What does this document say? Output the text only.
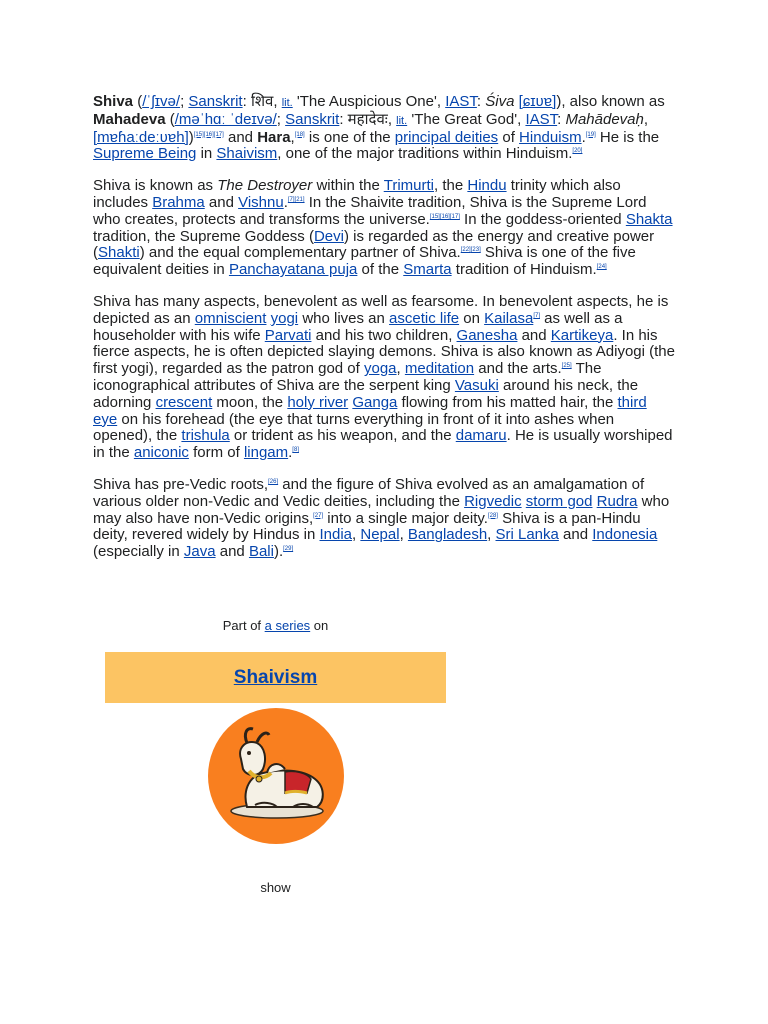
Shiva (/ˈʃɪvə/; Sanskrit: शिव, lit. 'The Auspicious One', IAST: Śiva [ɕɪʋɐ]), also known as Mahadeva (/məˈhɑː ˈdeɪvə/; Sanskrit: महादेवः, lit. 'The Great God', IAST: Mahādevaḥ, [mɐɦaːdeːʋɐh])[15][16][17] and Hara,[18] is one of the principal deities of Hinduism.[19] He is the Supreme Being in Shaivism, one of the major traditions within Hinduism.[20]

Shiva is known as The Destroyer within the Trimurti, the Hindu trinity which also includes Brahma and Vishnu.[7][21] In the Shaivite tradition, Shiva is the Supreme Lord who creates, protects and transforms the universe.[15][16][17] In the goddess-oriented Shakta tradition, the Supreme Goddess (Devi) is regarded as the energy and creative power (Shakti) and the equal complementary partner of Shiva.[22][23] Shiva is one of the five equivalent deities in Panchayatana puja of the Smarta tradition of Hinduism.[24]

Shiva has many aspects, benevolent as well as fearsome. In benevolent aspects, he is depicted as an omniscient yogi who lives an ascetic life on Kailasa[7] as well as a householder with his wife Parvati and his two children, Ganesha and Kartikeya. In his fierce aspects, he is often depicted slaying demons. Shiva is also known as Adiyogi (the first yogi), regarded as the patron god of yoga, meditation and the arts.[25] The iconographical attributes of Shiva are the serpent king Vasuki around his neck, the adorning crescent moon, the holy river Ganga flowing from his matted hair, the third eye on his forehead (the eye that turns everything in front of it into ashes when opened), the trishula or trident as his weapon, and the damaru. He is usually worshiped in the aniconic form of lingam.[8]

Shiva has pre-Vedic roots,[26] and the figure of Shiva evolved as an amalgamation of various older non-Vedic and Vedic deities, including the Rigvedic storm god Rudra who may also have non-Vedic origins,[27] into a single major deity.[28] Shiva is a pan-Hindu deity, revered widely by Hindus in India, Nepal, Bangladesh, Sri Lanka and Indonesia (especially in Java and Bali).[29]

Part of a series on
Shaivism
show
